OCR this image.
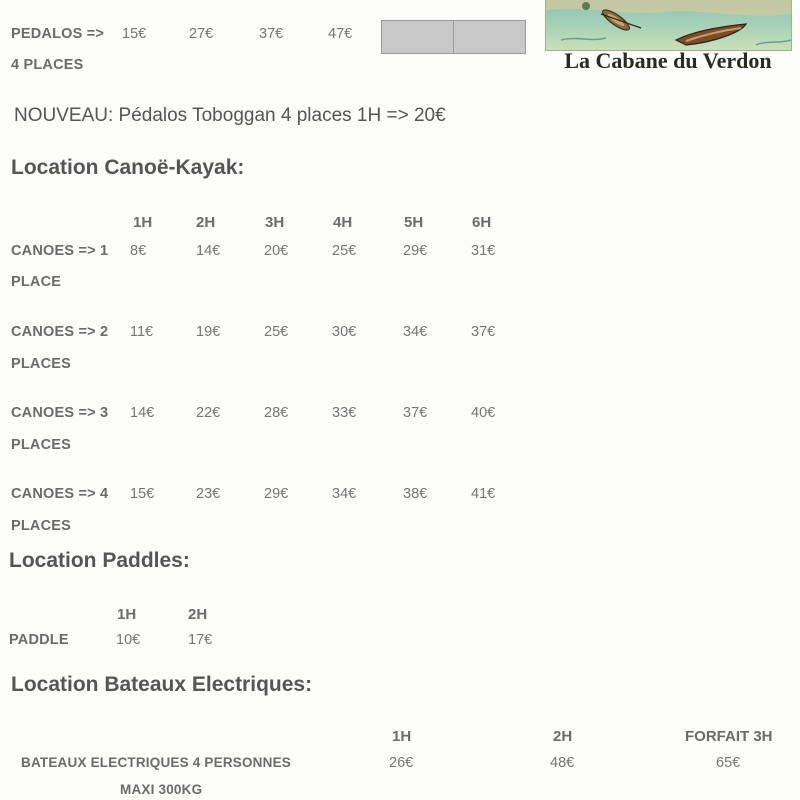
PEDALOS =>
4 PLACES
15€	27€	37€	47€
La Cabane du Verdon
NOUVEAU: Pédalos Toboggan 4 places 1H => 20€
Location Canoë-Kayak:
1H	2H	3H	4H	5H	6H
CANOES => 1
PLACE
8€	14€	20€	25€	29€	31€
CANOES => 2
PLACES
11€	19€	25€	30€	34€	37€
CANOES => 3
PLACES
14€	22€	28€	33€	37€	40€
CANOES => 4
PLACES
15€	23€	29€	34€	38€	41€
Location Paddles:
1H	2H
PADDLE	10€	17€
Location Bateaux Electriques:
1H	2H	FORFAIT 3H
BATEAUX ELECTRIQUES 4 PERSONNES
MAXI 300KG
26€	48€	65€
